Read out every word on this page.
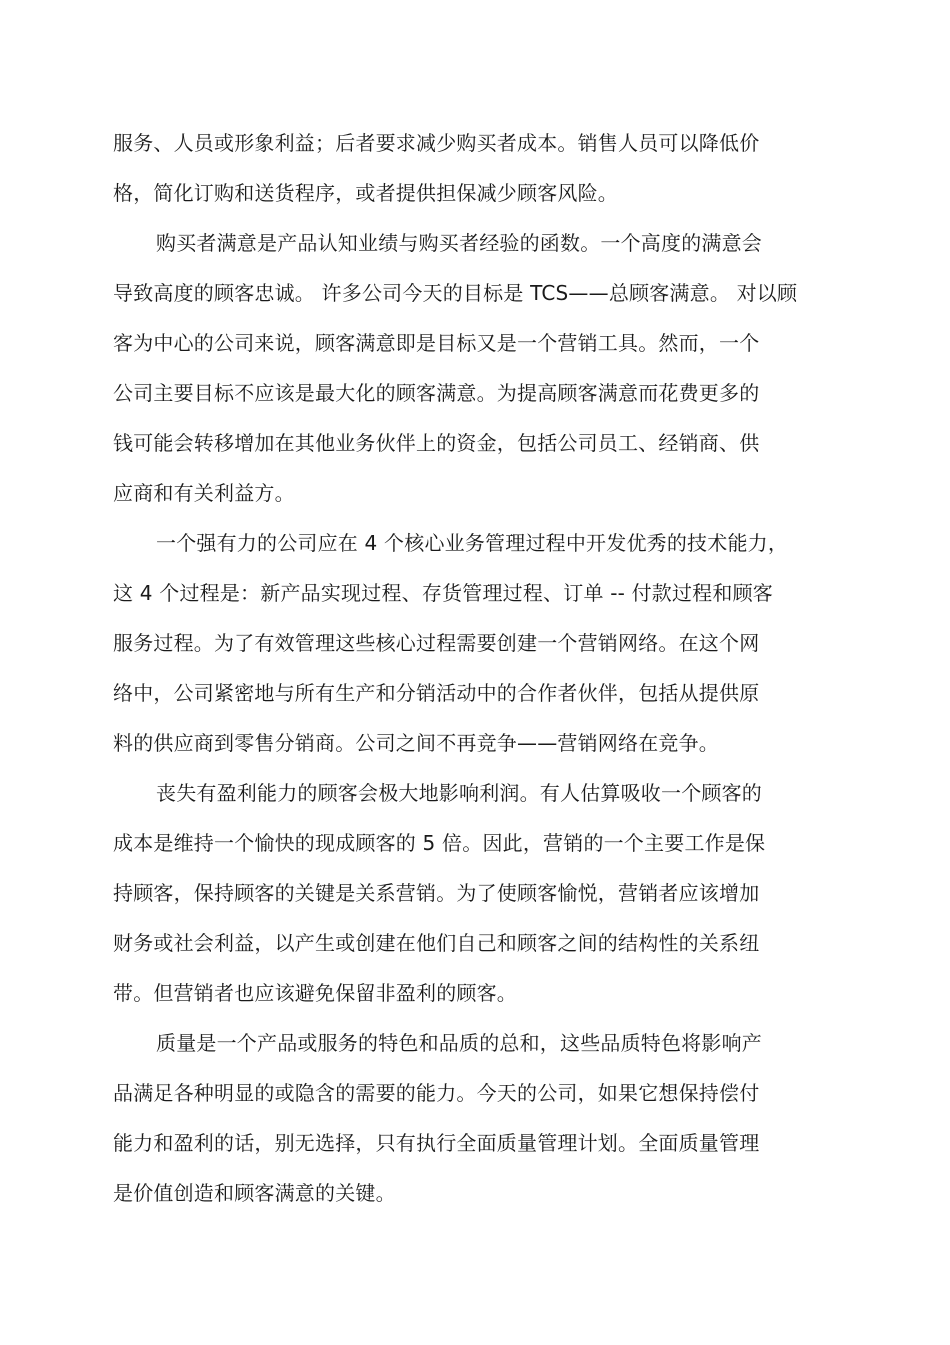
服务、人员或形象利益；后者要求减少购买者成本。销售人员可以降低价
格，简化订购和送货程序，或者提供担保减少顾客风险。
购买者满意是产品认知业绩与购买者经验的函数。一个高度的满意会
导致高度的顾客忠诚。 许多公司今天的目标是 TCS——总顾客满意。 对以顾
客为中心的公司来说，顾客满意即是目标又是一个营销工具。然而，一个
公司主要目标不应该是最大化的顾客满意。为提高顾客满意而花费更多的
钱可能会转移增加在其他业务伙伴上的资金，包括公司员工、经销商、供
应商和有关利益方。
一个强有力的公司应在 4 个核心业务管理过程中开发优秀的技术能力，
这 4 个过程是：新产品实现过程、存货管理过程、订单 -- 付款过程和顾客
服务过程。为了有效管理这些核心过程需要创建一个营销网络。在这个网
络中，公司紧密地与所有生产和分销活动中的合作者伙伴，包括从提供原
料的供应商到零售分销商。公司之间不再竞争——营销网络在竞争。
丧失有盈利能力的顾客会极大地影响利润。有人估算吸收一个顾客的
成本是维持一个愉快的现成顾客的 5 倍。因此，营销的一个主要工作是保
持顾客，保持顾客的关键是关系营销。为了使顾客愉悦，营销者应该增加
财务或社会利益，以产生或创建在他们自己和顾客之间的结构性的关系纽
带。但营销者也应该避免保留非盈利的顾客。
质量是一个产品或服务的特色和品质的总和，这些品质特色将影响产
品满足各种明显的或隐含的需要的能力。今天的公司，如果它想保持偿付
能力和盈利的话，别无选择，只有执行全面质量管理计划。全面质量管理
是价值创造和顾客满意的关键。
